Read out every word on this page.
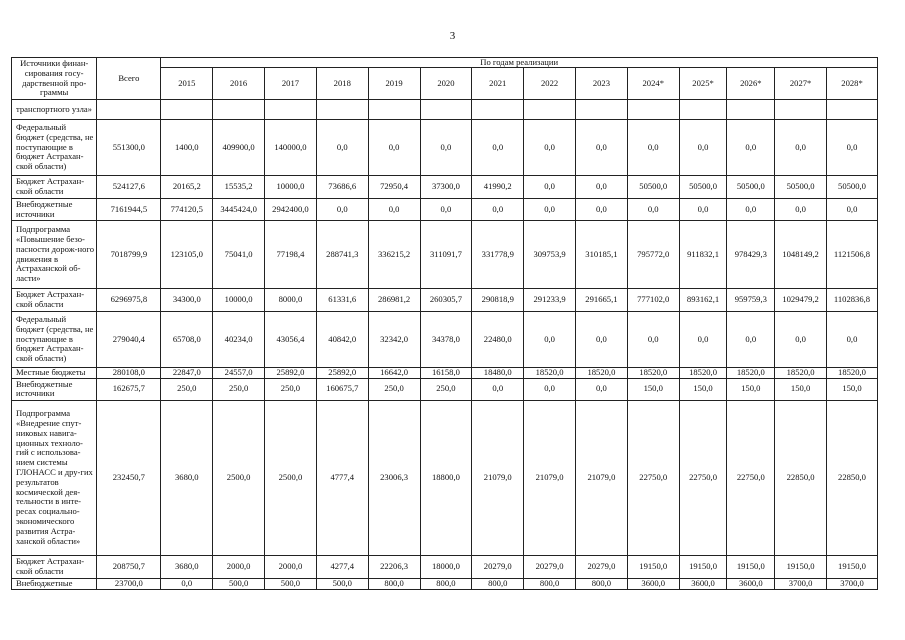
3
Источники финан-сирования госу-дарственной про-граммы	Всего	По годам реализации													
		2015	2016	2017	2018	2019	2020	2021	2022	2023	2024*	2025*	2026*	2027*	2028*
транспортного узла»															
Федеральный бюджет (средства, не поступающие в бюджет Астрахан-ской области)	551300,0	1400,0	409900,0	140000,0	0,0	0,0	0,0	0,0	0,0	0,0	0,0	0,0	0,0	0,0	0,0
Бюджет Астрахан-ской области	524127,6	20165,2	15535,2	10000,0	73686,6	72950,4	37300,0	41990,2	0,0	0,0	50500,0	50500,0	50500,0	50500,0	50500,0
Внебюджетные источники	7161944,5	774120,5	3445424,0	2942400,0	0,0	0,0	0,0	0,0	0,0	0,0	0,0	0,0	0,0	0,0	0,0
Подпрограмма «Повышение безо-пасности дорож-ного движения в Астраханской об-ласти»	7018799,9	123105,0	75041,0	77198,4	288741,3	336215,2	311091,7	331778,9	309753,9	310185,1	795772,0	911832,1	978429,3	1048149,2	1121506,8
Бюджет Астрахан-ской области	6296975,8	34300,0	10000,0	8000,0	61331,6	286981,2	260305,7	290818,9	291233,9	291665,1	777102,0	893162,1	959759,3	1029479,2	1102836,8
Федеральный бюджет (средства, не поступающие в бюджет Астрахан-ской области)	279040,4	65708,0	40234,0	43056,4	40842,0	32342,0	34378,0	22480,0	0,0	0,0	0,0	0,0	0,0	0,0	0,0
Местные бюджеты	280108,0	22847,0	24557,0	25892,0	25892,0	16642,0	16158,0	18480,0	18520,0	18520,0	18520,0	18520,0	18520,0	18520,0	18520,0
Внебюджетные источники	162675,7	250,0	250,0	250,0	160675,7	250,0	250,0	0,0	0,0	0,0	150,0	150,0	150,0	150,0	150,0
Подпрограмма «Внедрение спут-никовых навига-ционных техноло-гий с использова-нием системы ГЛОНАСС и дру-гих результатов космической дея-тельности в инте-ресах социально-экономического развития Астра-ханской области»	232450,7	3680,0	2500,0	2500,0	4777,4	23006,3	18800,0	21079,0	21079,0	21079,0	22750,0	22750,0	22750,0	22850,0	22850,0
Бюджет Астрахан-ской области	208750,7	3680,0	2000,0	2000,0	4277,4	22206,3	18000,0	20279,0	20279,0	20279,0	19150,0	19150,0	19150,0	19150,0	19150,0
Внебюджетные	23700,0	0,0	500,0	500,0	500,0	800,0	800,0	800,0	800,0	800,0	3600,0	3600,0	3600,0	3700,0	3700,0
